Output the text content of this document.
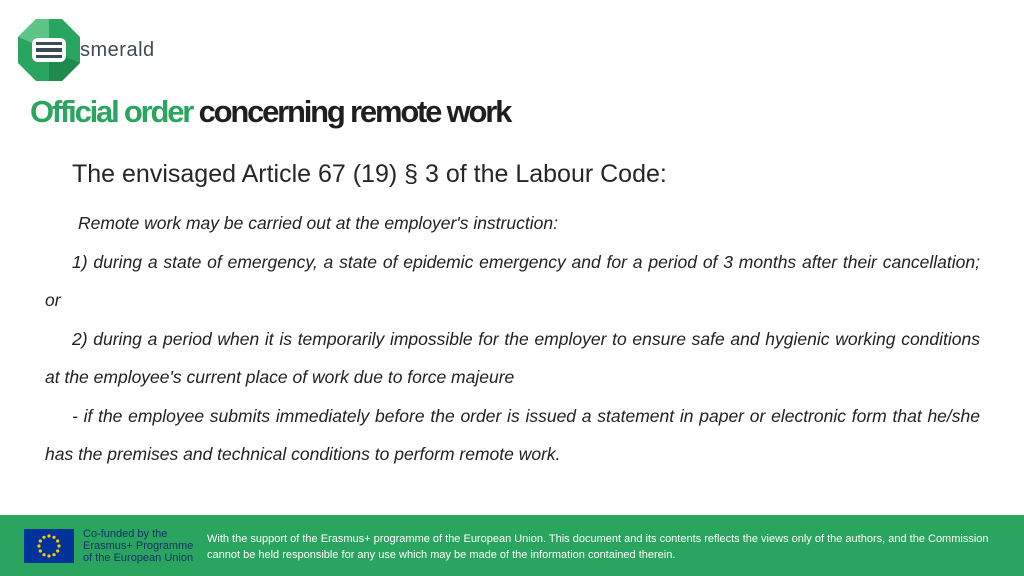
smerald
Official order concerning remote work
The envisaged Article 67 (19) § 3 of the Labour Code:

Remote work may be carried out at the employer's instruction:

1) during a state of emergency, a state of epidemic emergency and for a period of 3 months after their cancellation; or

2) during a period when it is temporarily impossible for the employer to ensure safe and hygienic working conditions at the employee's current place of work due to force majeure

- if the employee submits immediately before the order is issued a statement in paper or electronic form that he/she has the premises and technical conditions to perform remote work.

Co-funded by the
Erasmus+ Programme
of the European Union
With the support of the Erasmus+ programme of the European Union. This document and its contents reflects the views only of the authors, and the Commission cannot be held responsible for any use which may be made of the information contained therein.
